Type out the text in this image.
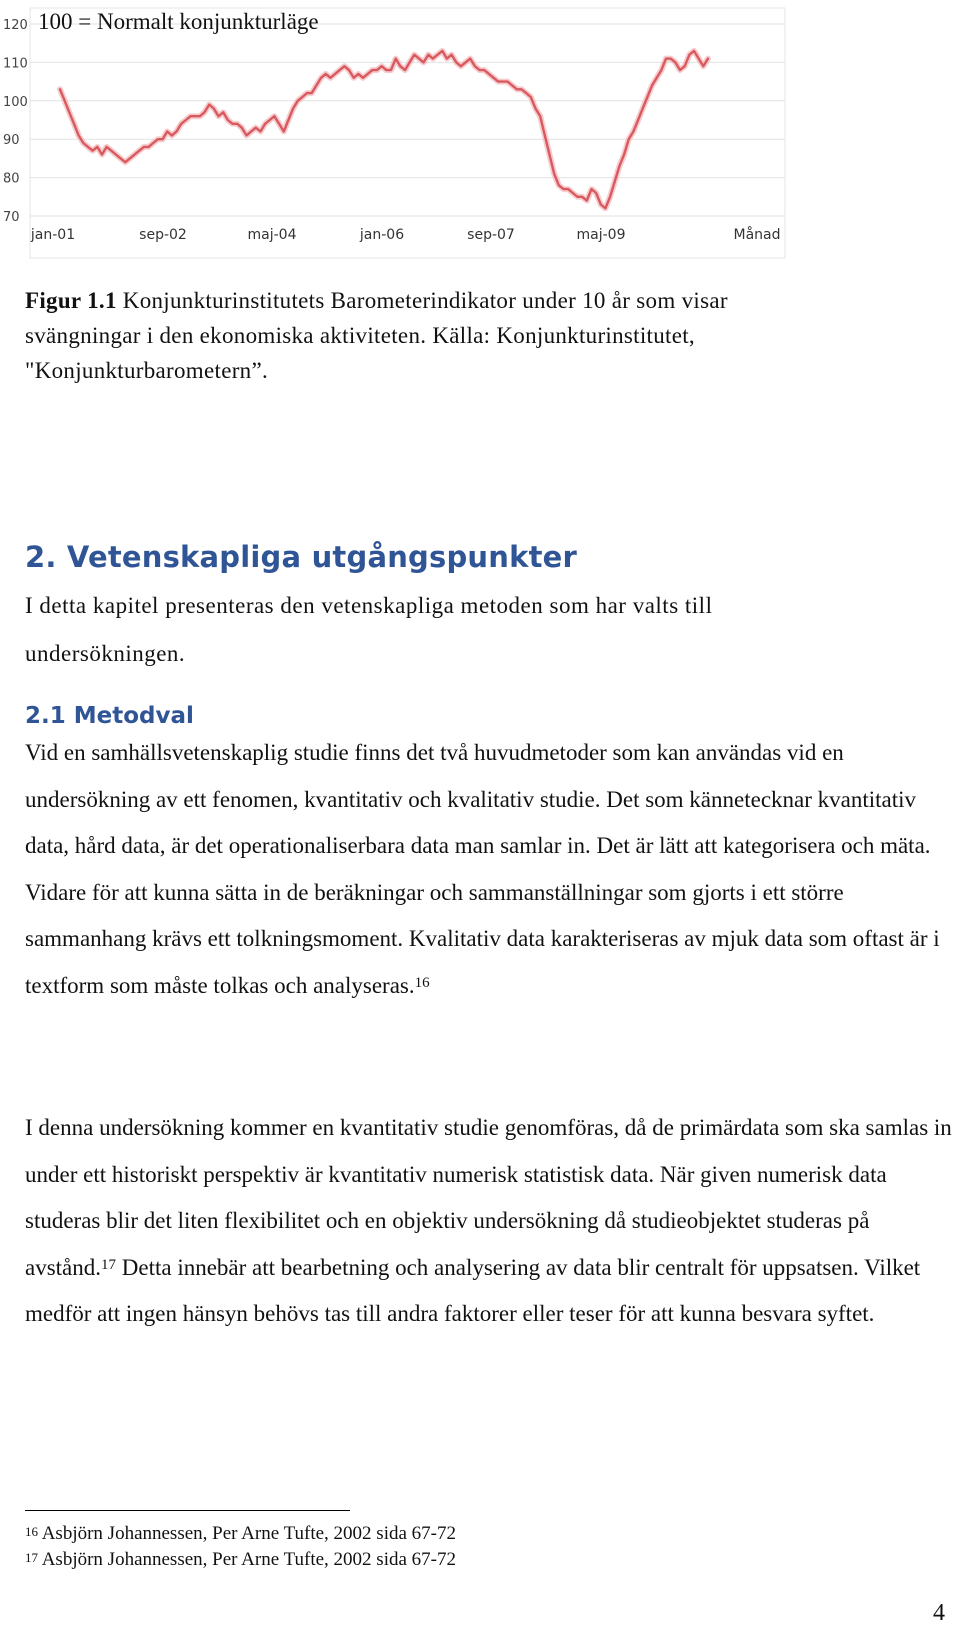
70
80
90
100
110
120
jan-01	sep-02	maj-04	jan-06	sep-07	maj-09	Månad
100 = Normalt konjunkturläge
Figur 1.1 Konjunkturinstitutets Barometerindikator under 10 år som visar svängningar i den ekonomiska aktiviteten. Källa: Konjunkturinstitutet, "Konjunkturbarometern”.
2. Vetenskapliga utgångspunkter
I detta kapitel presenteras den vetenskapliga metoden som har valts till undersökningen.
2.1 Metodval
Vid en samhällsvetenskaplig studie finns det två huvudmetoder som kan användas vid en undersökning av ett fenomen, kvantitativ och kvalitativ studie. Det som kännetecknar kvantitativ data, hård data, är det operationaliserbara data man samlar in. Det är lätt att kategorisera och mäta. Vidare för att kunna sätta in de beräkningar och sammanställningar som gjorts i ett större sammanhang krävs ett tolkningsmoment. Kvalitativ data karakteriseras av mjuk data som oftast är i textform som måste tolkas och analyseras.$^{16}$
I denna undersökning kommer en kvantitativ studie genomföras, då de primärdata som ska samlas in under ett historiskt perspektiv är kvantitativ numerisk statistisk data. När given numerisk data studeras blir det liten flexibilitet och en objektiv undersökning då studieobjektet studeras på avstånd.$^{17}$ Detta innebär att bearbetning och analysering av data blir centralt för uppsatsen. Vilket medför att ingen hänsyn behövs tas till andra faktorer eller teser för att kunna besvara syftet.
$^{16}$ Asbjörn Johannessen, Per Arne Tufte, 2002 sida 67-72
$^{17}$ Asbjörn Johannessen, Per Arne Tufte, 2002 sida 67-72
4
